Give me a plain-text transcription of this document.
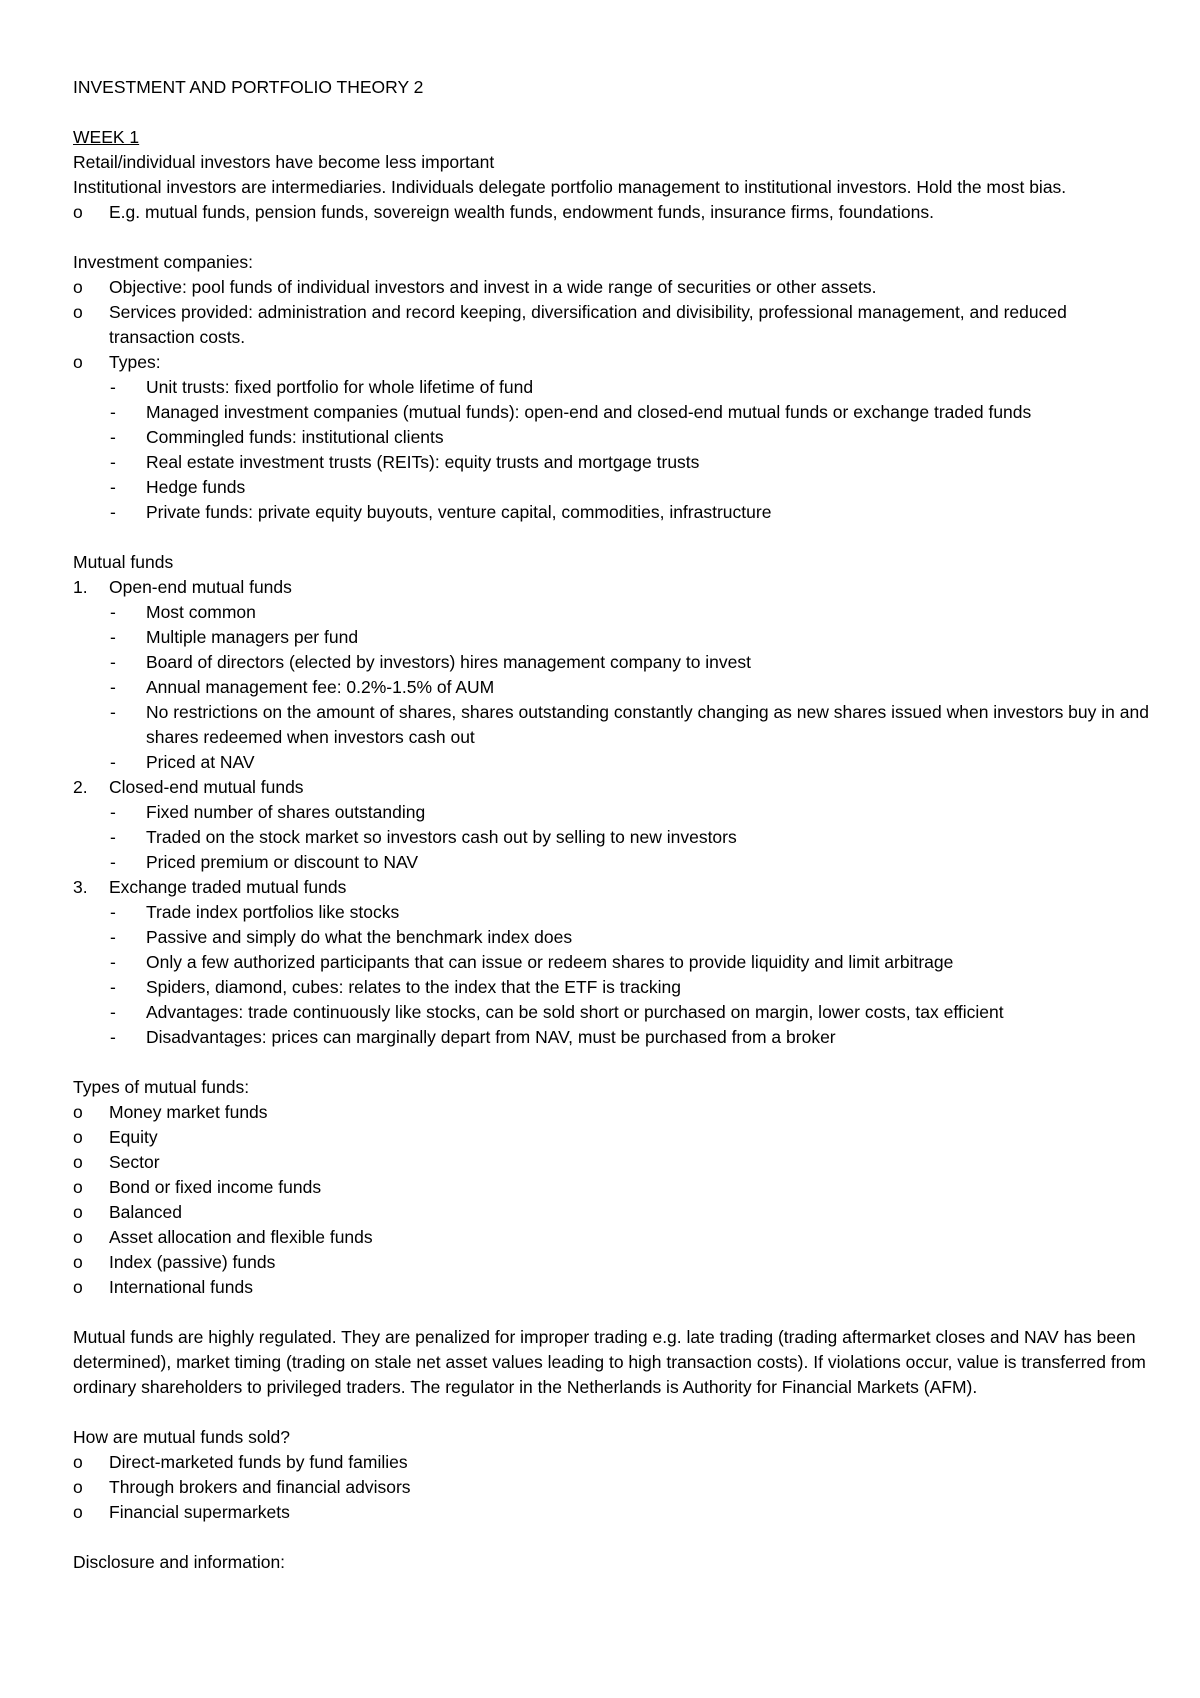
INVESTMENT AND PORTFOLIO THEORY 2
WEEK 1
Retail/individual investors have become less important
Institutional investors are intermediaries. Individuals delegate portfolio management to institutional investors. Hold the most bias.
o	E.g. mutual funds, pension funds, sovereign wealth funds, endowment funds, insurance firms, foundations.
Investment companies:
o	Objective: pool funds of individual investors and invest in a wide range of securities or other assets.
o	Services provided: administration and record keeping, diversification and divisibility, professional management, and reduced transaction costs.
o	Types:
-	Unit trusts: fixed portfolio for whole lifetime of fund
-	Managed investment companies (mutual funds): open-end and closed-end mutual funds or exchange traded funds
-	Commingled funds: institutional clients
-	Real estate investment trusts (REITs): equity trusts and mortgage trusts
-	Hedge funds
-	Private funds: private equity buyouts, venture capital, commodities, infrastructure
Mutual funds
1.	Open-end mutual funds
-	Most common
-	Multiple managers per fund
-	Board of directors (elected by investors) hires management company to invest
-	Annual management fee: 0.2%-1.5% of AUM
-	No restrictions on the amount of shares, shares outstanding constantly changing as new shares issued when investors buy in and shares redeemed when investors cash out
-	Priced at NAV
2.	Closed-end mutual funds
-	Fixed number of shares outstanding
-	Traded on the stock market so investors cash out by selling to new investors
-	Priced premium or discount to NAV
3.	Exchange traded mutual funds
-	Trade index portfolios like stocks
-	Passive and simply do what the benchmark index does
-	Only a few authorized participants that can issue or redeem shares to provide liquidity and limit arbitrage
-	Spiders, diamond, cubes: relates to the index that the ETF is tracking
-	Advantages: trade continuously like stocks, can be sold short or purchased on margin, lower costs, tax efficient
-	Disadvantages: prices can marginally depart from NAV, must be purchased from a broker
Types of mutual funds:
o	Money market funds
o	Equity
o	Sector
o	Bond or fixed income funds
o	Balanced
o	Asset allocation and flexible funds
o	Index (passive) funds
o	International funds
Mutual funds are highly regulated. They are penalized for improper trading e.g. late trading (trading aftermarket closes and NAV has been determined), market timing (trading on stale net asset values leading to high transaction costs). If violations occur, value is transferred from ordinary shareholders to privileged traders. The regulator in the Netherlands is Authority for Financial Markets (AFM).
How are mutual funds sold?
o	Direct-marketed funds by fund families
o	Through brokers and financial advisors
o	Financial supermarkets
Disclosure and information:
